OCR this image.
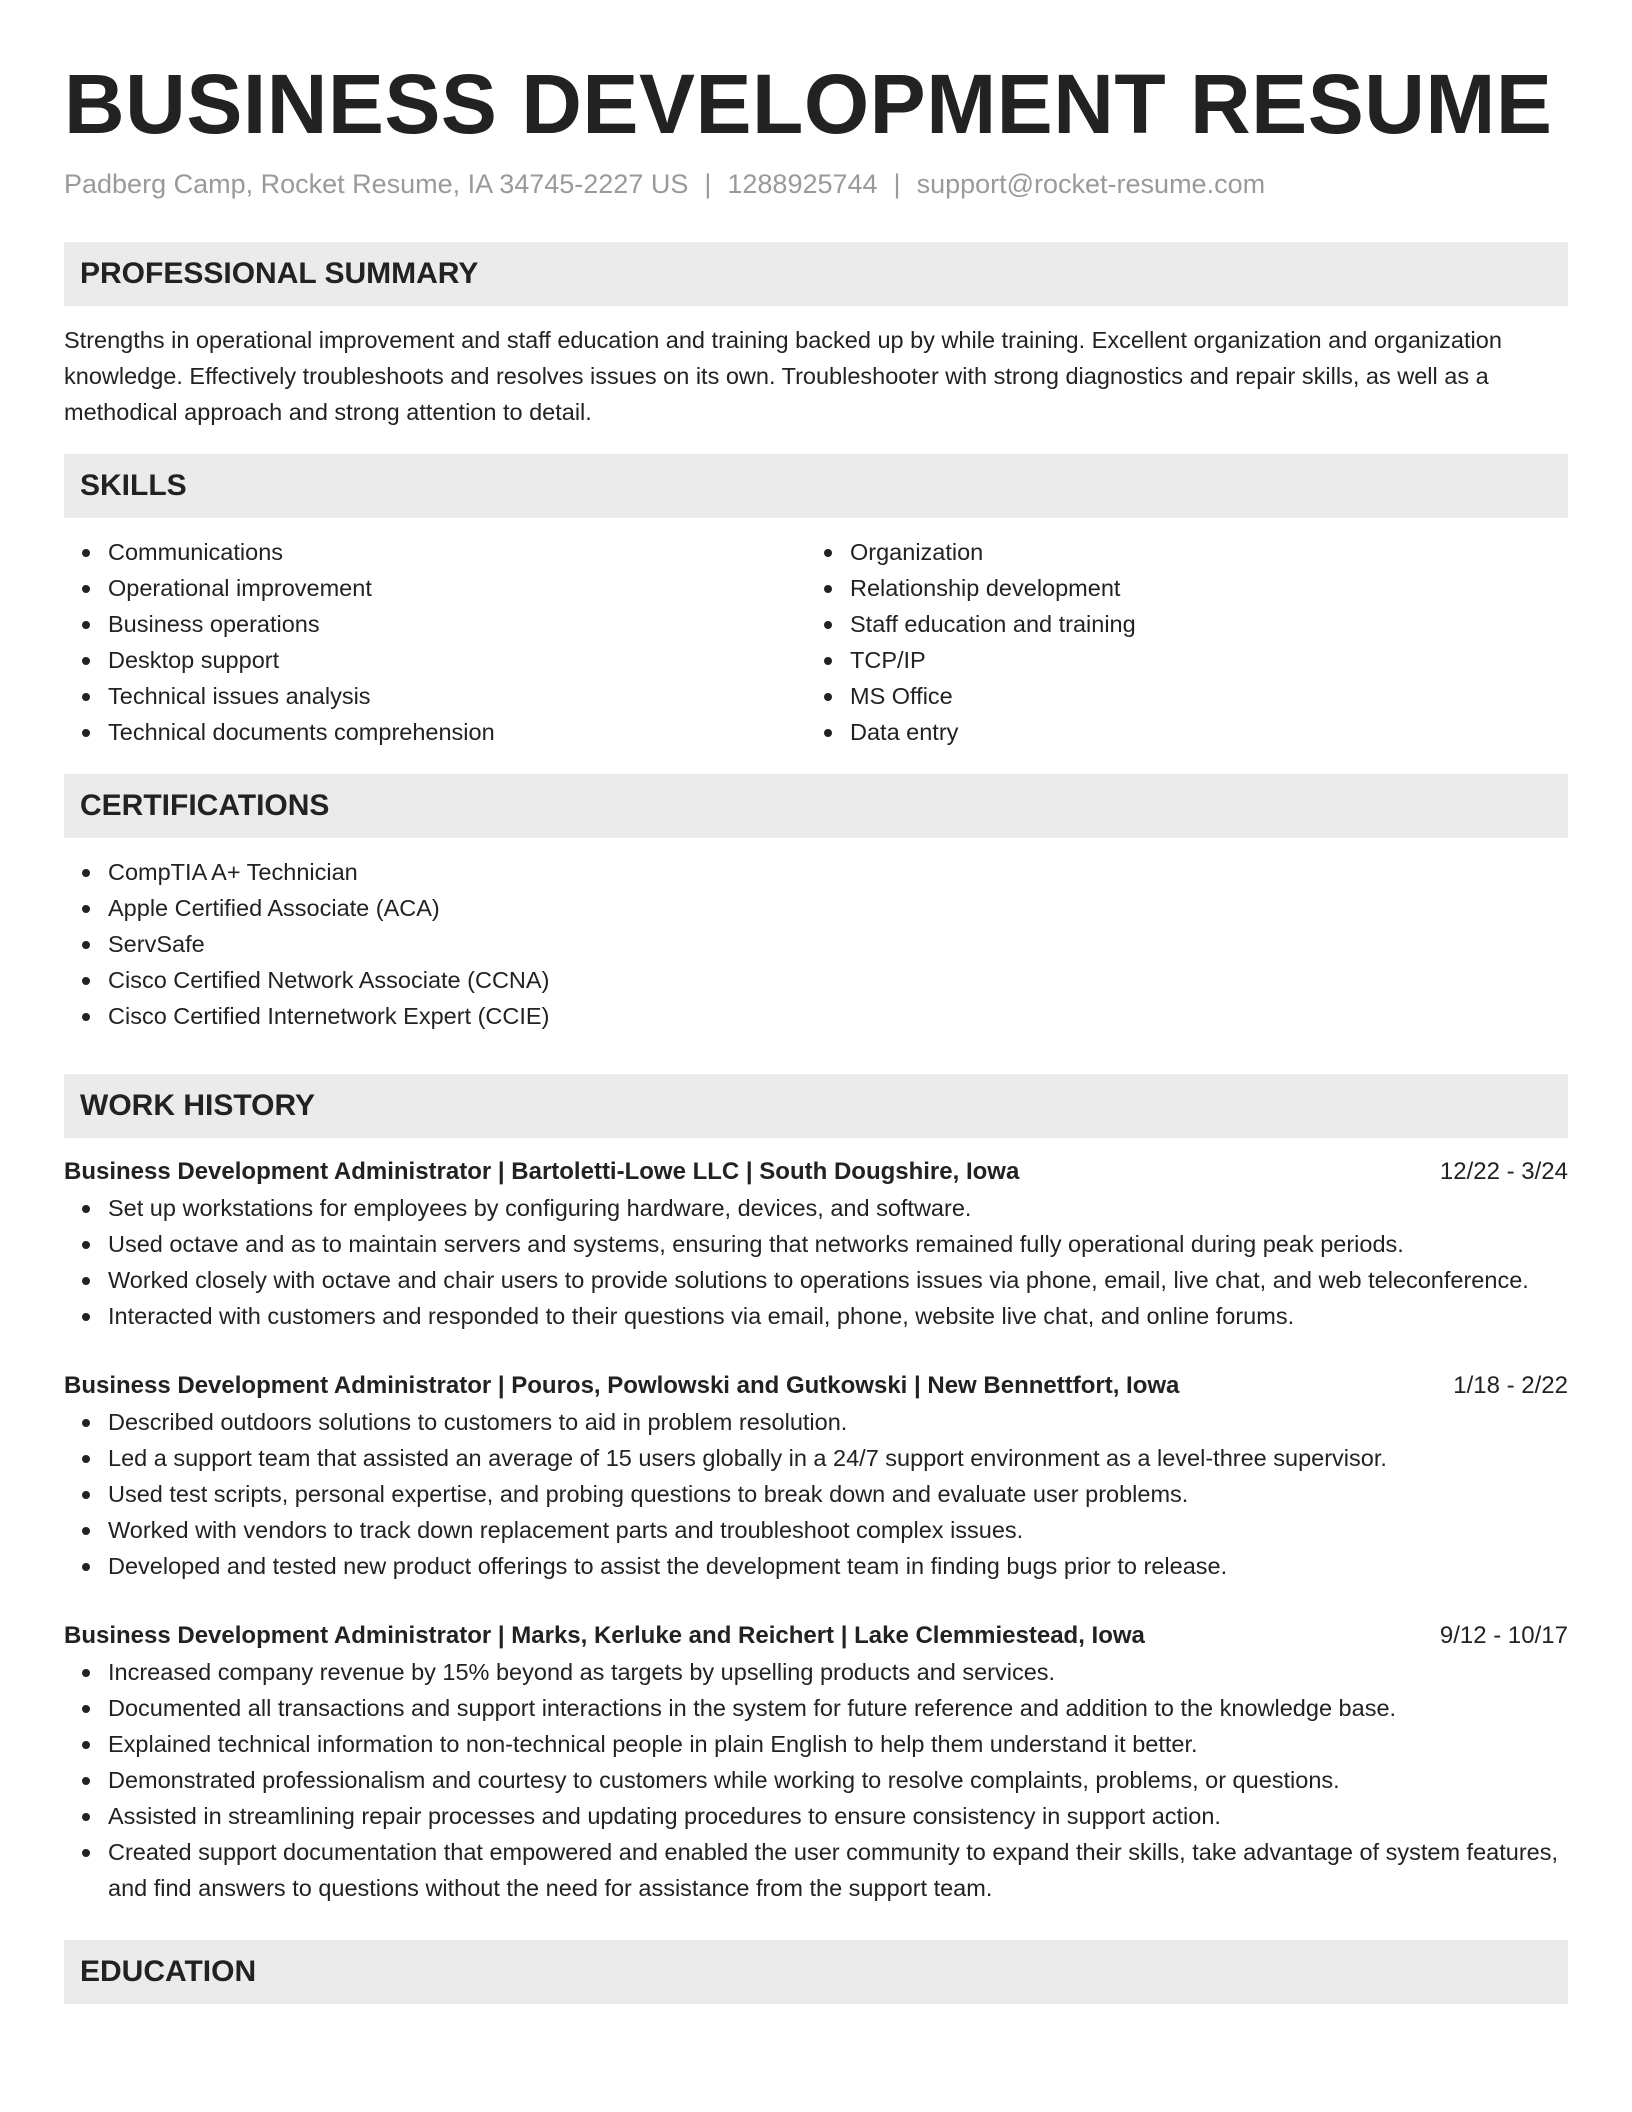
BUSINESS DEVELOPMENT RESUME
Padberg Camp, Rocket Resume, IA 34745-2227 US | 1288925744 | support@rocket-resume.com
PROFESSIONAL SUMMARY

Strengths in operational improvement and staff education and training backed up by while training. Excellent organization and organization knowledge. Effectively troubleshoots and resolves issues on its own. Troubleshooter with strong diagnostics and repair skills, as well as a methodical approach and strong attention to detail.

SKILLS
Communications
Operational improvement
Business operations
Desktop support
Technical issues analysis
Technical documents comprehension
Organization
Relationship development
Staff education and training
TCP/IP
MS Office
Data entry
CERTIFICATIONS
CompTIA A+ Technician
Apple Certified Associate (ACA)
ServSafe
Cisco Certified Network Associate (CCNA)
Cisco Certified Internetwork Expert (CCIE)
WORK HISTORY
Business Development Administrator | Bartoletti-Lowe LLC | South Dougshire, Iowa	12/22 - 3/24
Set up workstations for employees by configuring hardware, devices, and software.
Used octave and as to maintain servers and systems, ensuring that networks remained fully operational during peak periods.
Worked closely with octave and chair users to provide solutions to operations issues via phone, email, live chat, and web teleconference.
Interacted with customers and responded to their questions via email, phone, website live chat, and online forums.
Business Development Administrator | Pouros, Powlowski and Gutkowski | New Bennettfort, Iowa	1/18 - 2/22
Described outdoors solutions to customers to aid in problem resolution.
Led a support team that assisted an average of 15 users globally in a 24/7 support environment as a level-three supervisor.
Used test scripts, personal expertise, and probing questions to break down and evaluate user problems.
Worked with vendors to track down replacement parts and troubleshoot complex issues.
Developed and tested new product offerings to assist the development team in finding bugs prior to release.
Business Development Administrator | Marks, Kerluke and Reichert | Lake Clemmiestead, Iowa	9/12 - 10/17
Increased company revenue by 15% beyond as targets by upselling products and services.
Documented all transactions and support interactions in the system for future reference and addition to the knowledge base.
Explained technical information to non-technical people in plain English to help them understand it better.
Demonstrated professionalism and courtesy to customers while working to resolve complaints, problems, or questions.
Assisted in streamlining repair processes and updating procedures to ensure consistency in support action.
Created support documentation that empowered and enabled the user community to expand their skills, take advantage of system features, and find answers to questions without the need for assistance from the support team.
EDUCATION
